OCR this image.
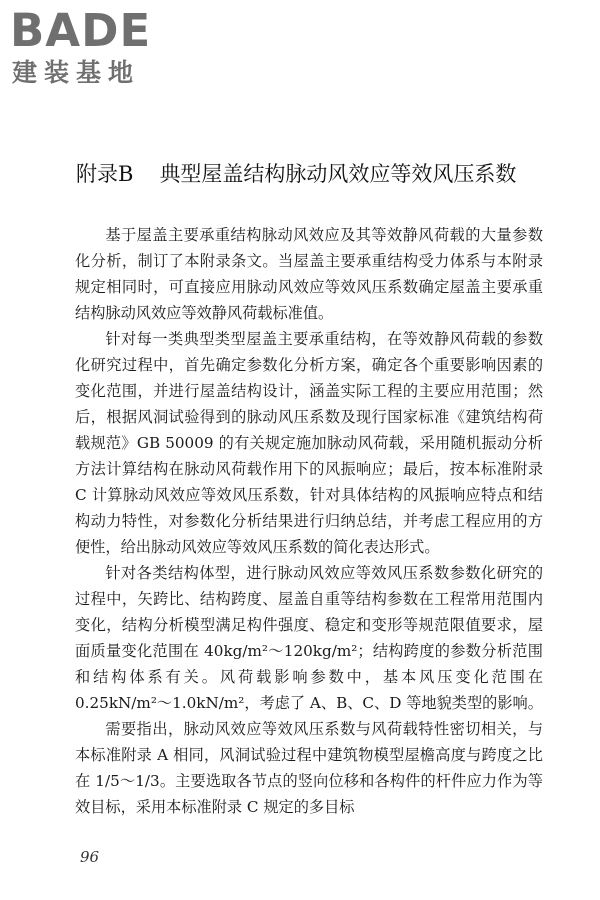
BADE
建装基地
附录B 典型屋盖结构脉动风效应等效风压系数

基于屋盖主要承重结构脉动风效应及其等效静风荷载的大量参数化分析，制订了本附录条文。当屋盖主要承重结构受力体系与本附录规定相同时，可直接应用脉动风效应等效风压系数确定屋盖主要承重结构脉动风效应等效静风荷载标准值。

针对每一类典型类型屋盖主要承重结构，在等效静风荷载的参数化研究过程中，首先确定参数化分析方案，确定各个重要影响因素的变化范围，并进行屋盖结构设计，涵盖实际工程的主要应用范围；然后，根据风洞试验得到的脉动风压系数及现行国家标准《建筑结构荷载规范》GB 50009 的有关规定施加脉动风荷载，采用随机振动分析方法计算结构在脉动风荷载作用下的风振响应；最后，按本标准附录 C 计算脉动风效应等效风压系数，针对具体结构的风振响应特点和结构动力特性，对参数化分析结果进行归纳总结，并考虑工程应用的方便性，给出脉动风效应等效风压系数的简化表达形式。

针对各类结构体型，进行脉动风效应等效风压系数参数化研究的过程中，矢跨比、结构跨度、屋盖自重等结构参数在工程常用范围内变化，结构分析模型满足构件强度、稳定和变形等规范限值要求，屋面质量变化范围在 40kg/m²～120kg/m²；结构跨度的参数分析范围和结构体系有关。风荷载影响参数中，基本风压变化范围在 0.25kN/m²～1.0kN/m²，考虑了 A、B、C、D 等地貌类型的影响。

需要指出，脉动风效应等效风压系数与风荷载特性密切相关，与本标准附录 A 相同，风洞试验过程中建筑物模型屋檐高度与跨度之比在 1/5～1/3。主要选取各节点的竖向位移和各构件的杆件应力作为等效目标，采用本标准附录 C 规定的多目标

96
